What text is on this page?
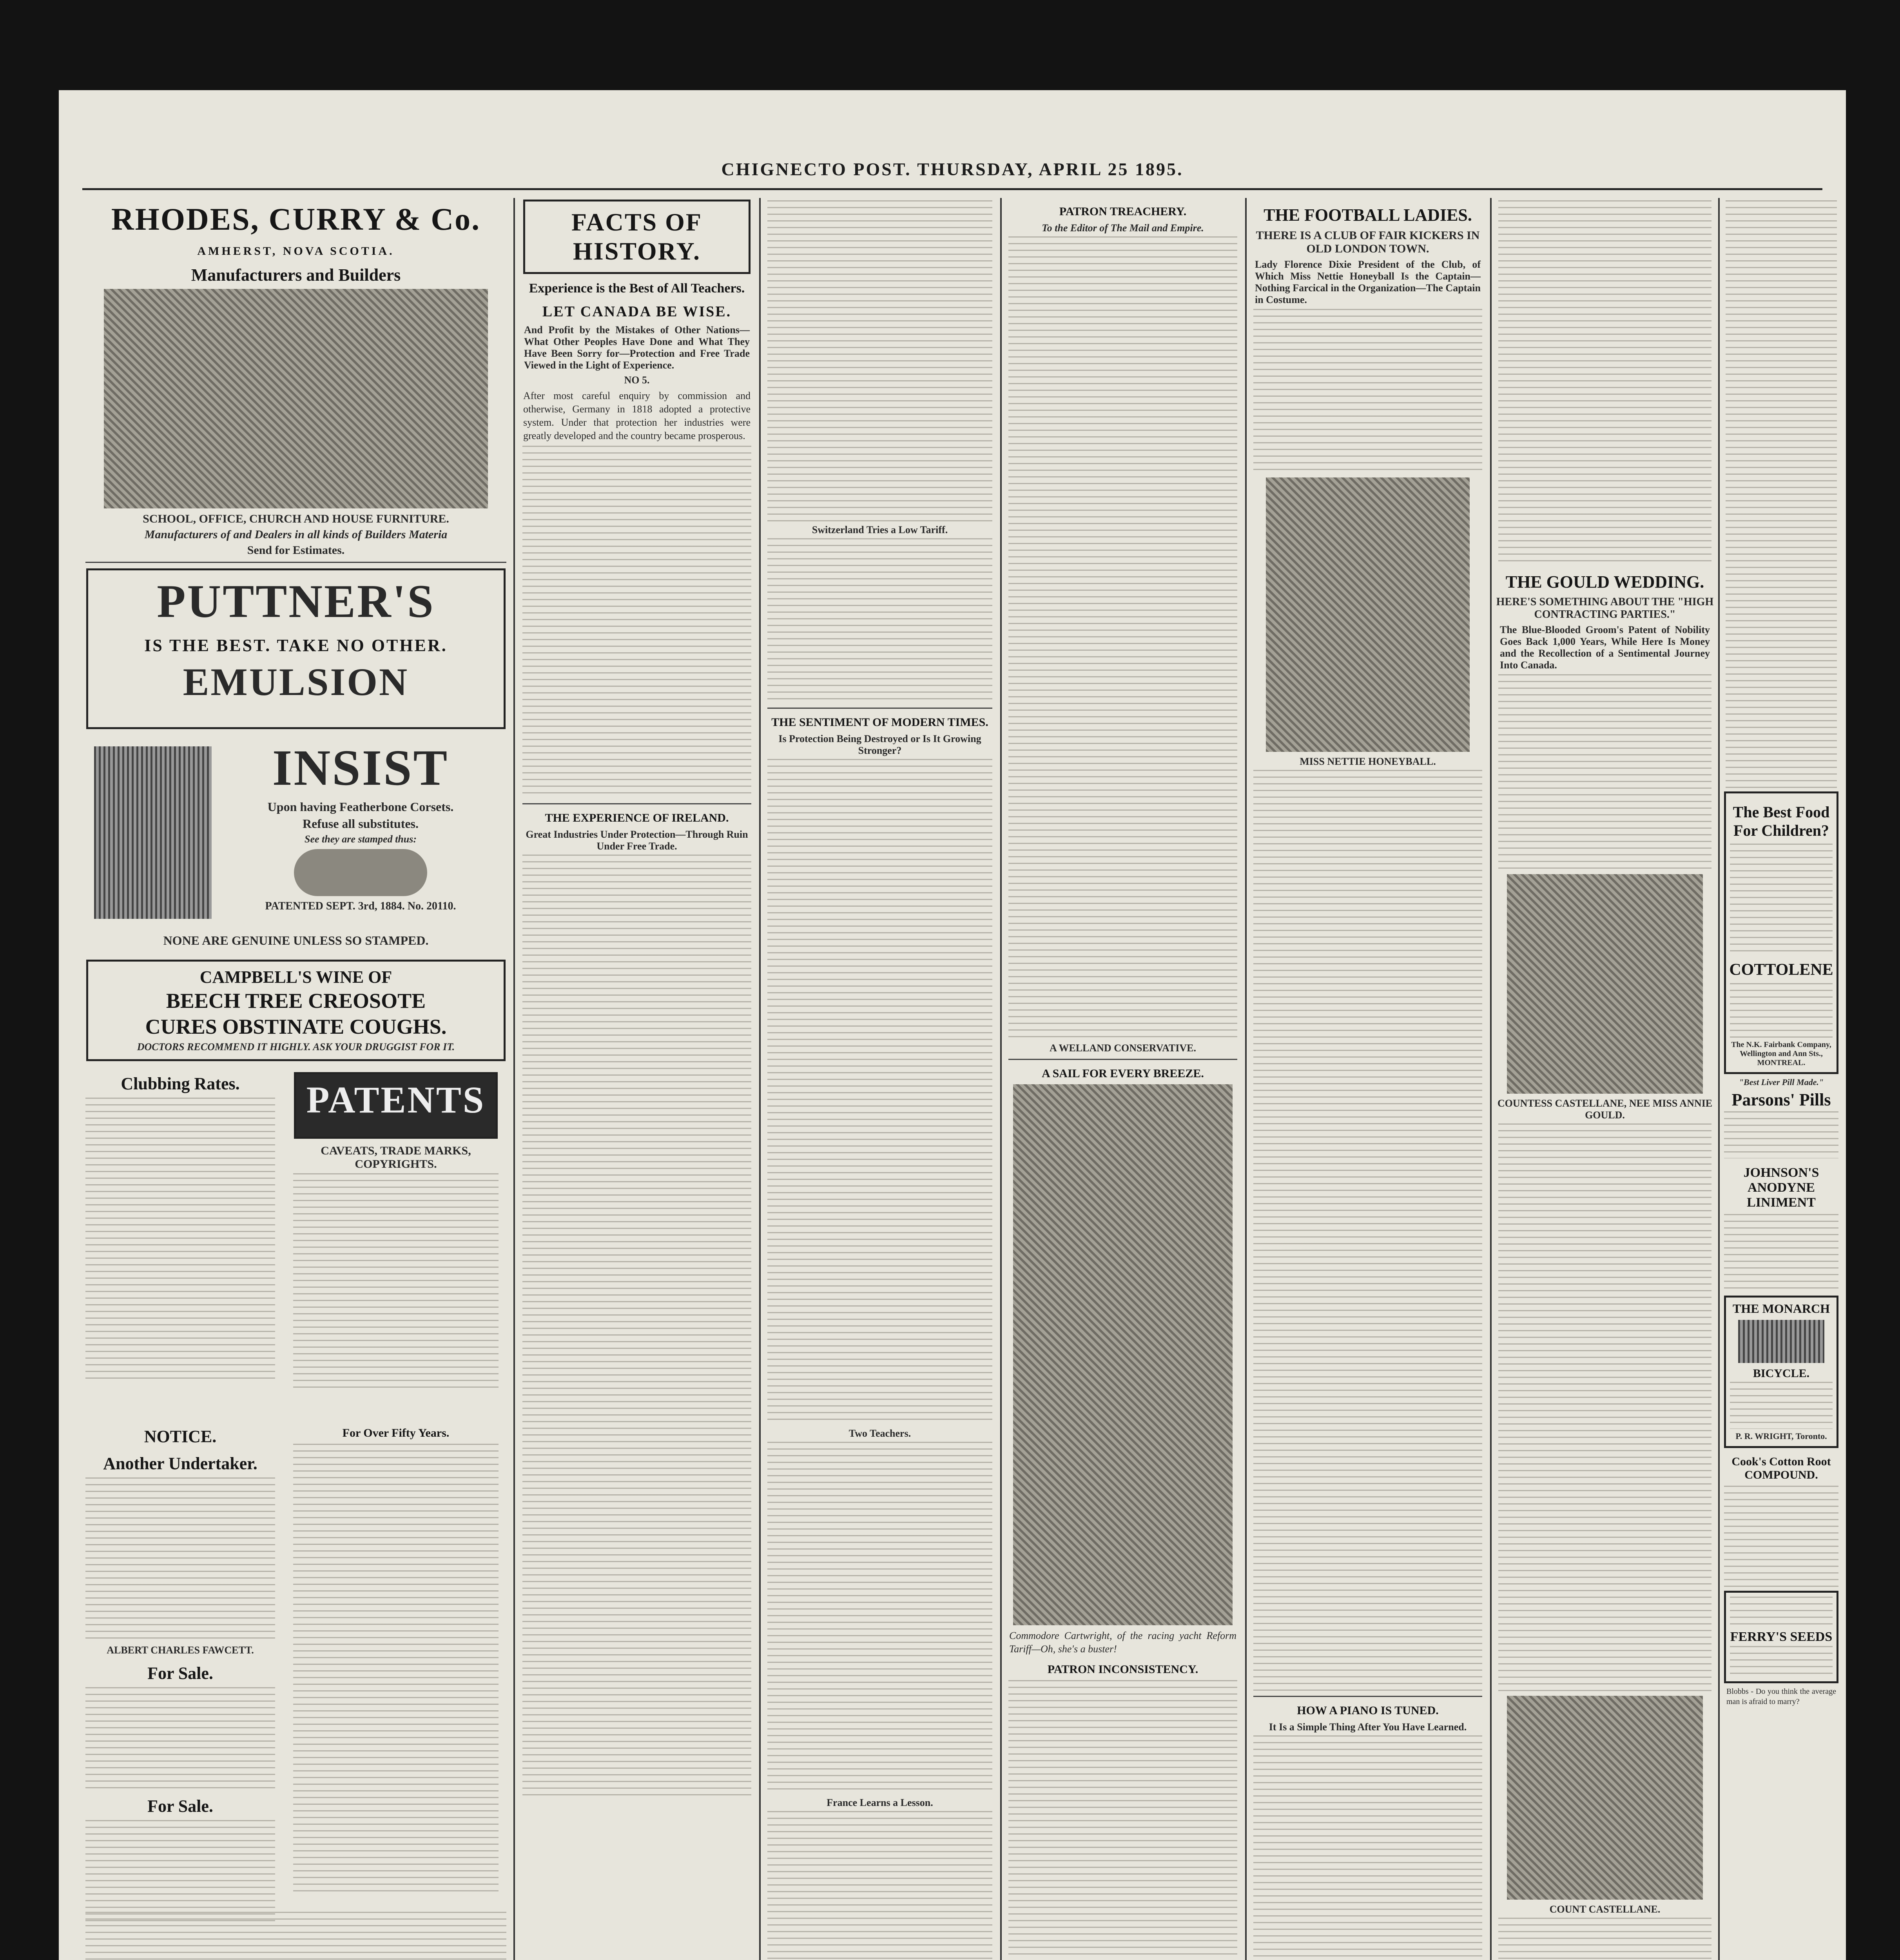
CHIGNECTO POST. THURSDAY, APRIL 25 1895.
RHODES, CURRY & Co.
AMHERST, NOVA SCOTIA.
Manufacturers and Builders
SCHOOL, OFFICE, CHURCH AND HOUSE FURNITURE.
Manufacturers of and Dealers in all kinds of Builders Materia
Send for Estimates.
PUTTNER'S
IS THE BEST. TAKE NO OTHER.
EMULSION
INSIST
Upon having Featherbone Corsets.
Refuse all substitutes.
See they are stamped thus:
PATENTED SEPT. 3rd, 1884. No. 20110.
NONE ARE GENUINE UNLESS SO STAMPED.
CAMPBELL'S WINE OF
BEECH TREE CREOSOTE
CURES OBSTINATE COUGHS.
DOCTORS RECOMMEND IT HIGHLY. ASK YOUR DRUGGIST FOR IT.
Clubbing Rates.	PATENTS
CAVEATS, TRADE MARKS, COPYRIGHTS.
NOTICE.
Another Undertaker.
ALBERT CHARLES FAWCETT.
For Sale.
For Sale.
For Over Fifty Years.
FACTS OF HISTORY.
Experience is the Best of All Teachers.
LET CANADA BE WISE.
And Profit by the Mistakes of Other Nations—What Other Peoples Have Done and What They Have Been Sorry for—Protection and Free Trade Viewed in the Light of Experience.
NO 5.
After most careful enquiry by commission and otherwise, Germany in 1818 adopted a protective system. Under that protection her industries were greatly developed and the country became prosperous.
THE EXPERIENCE OF IRELAND.
Great Industries Under Protection—Through Ruin Under Free Trade.
Switzerland Tries a Low Tariff.
THE SENTIMENT OF MODERN TIMES.
Is Protection Being Destroyed or Is It Growing Stronger?
Two Teachers.
France Learns a Lesson.
PATRON TREACHERY.
To the Editor of The Mail and Empire.
A WELLAND CONSERVATIVE.
A SAIL FOR EVERY BREEZE.
Commodore Cartwright, of the racing yacht Reform Tariff—Oh, she's a buster!
PATRON INCONSISTENCY.
THE FOOTBALL LADIES.
THERE IS A CLUB OF FAIR KICKERS IN OLD LONDON TOWN.
Lady Florence Dixie President of the Club, of Which Miss Nettie Honeyball Is the Captain—Nothing Farcical in the Organization—The Captain in Costume.
MISS NETTIE HONEYBALL.
HOW A PIANO IS TUNED.
It Is a Simple Thing After You Have Learned.
THE GOULD WEDDING.
HERE'S SOMETHING ABOUT THE "HIGH CONTRACTING PARTIES."
The Blue-Blooded Groom's Patent of Nobility Goes Back 1,000 Years, While Here Is Money and the Recollection of a Sentimental Journey Into Canada.
COUNTESS CASTELLANE, NEE MISS ANNIE GOULD.
COUNT CASTELLANE.
The Best Food For Children?
COTTOLENE
The N.K. Fairbank Company, Wellington and Ann Sts., MONTREAL.
"Best Liver Pill Made."
Parsons' Pills
JOHNSON'S ANODYNE LINIMENT
THE MONARCH
BICYCLE.
P. R. WRIGHT, Toronto.
Cook's Cotton Root COMPOUND.
FERRY'S SEEDS
Blobbs - Do you think the average man is afraid to marry?
